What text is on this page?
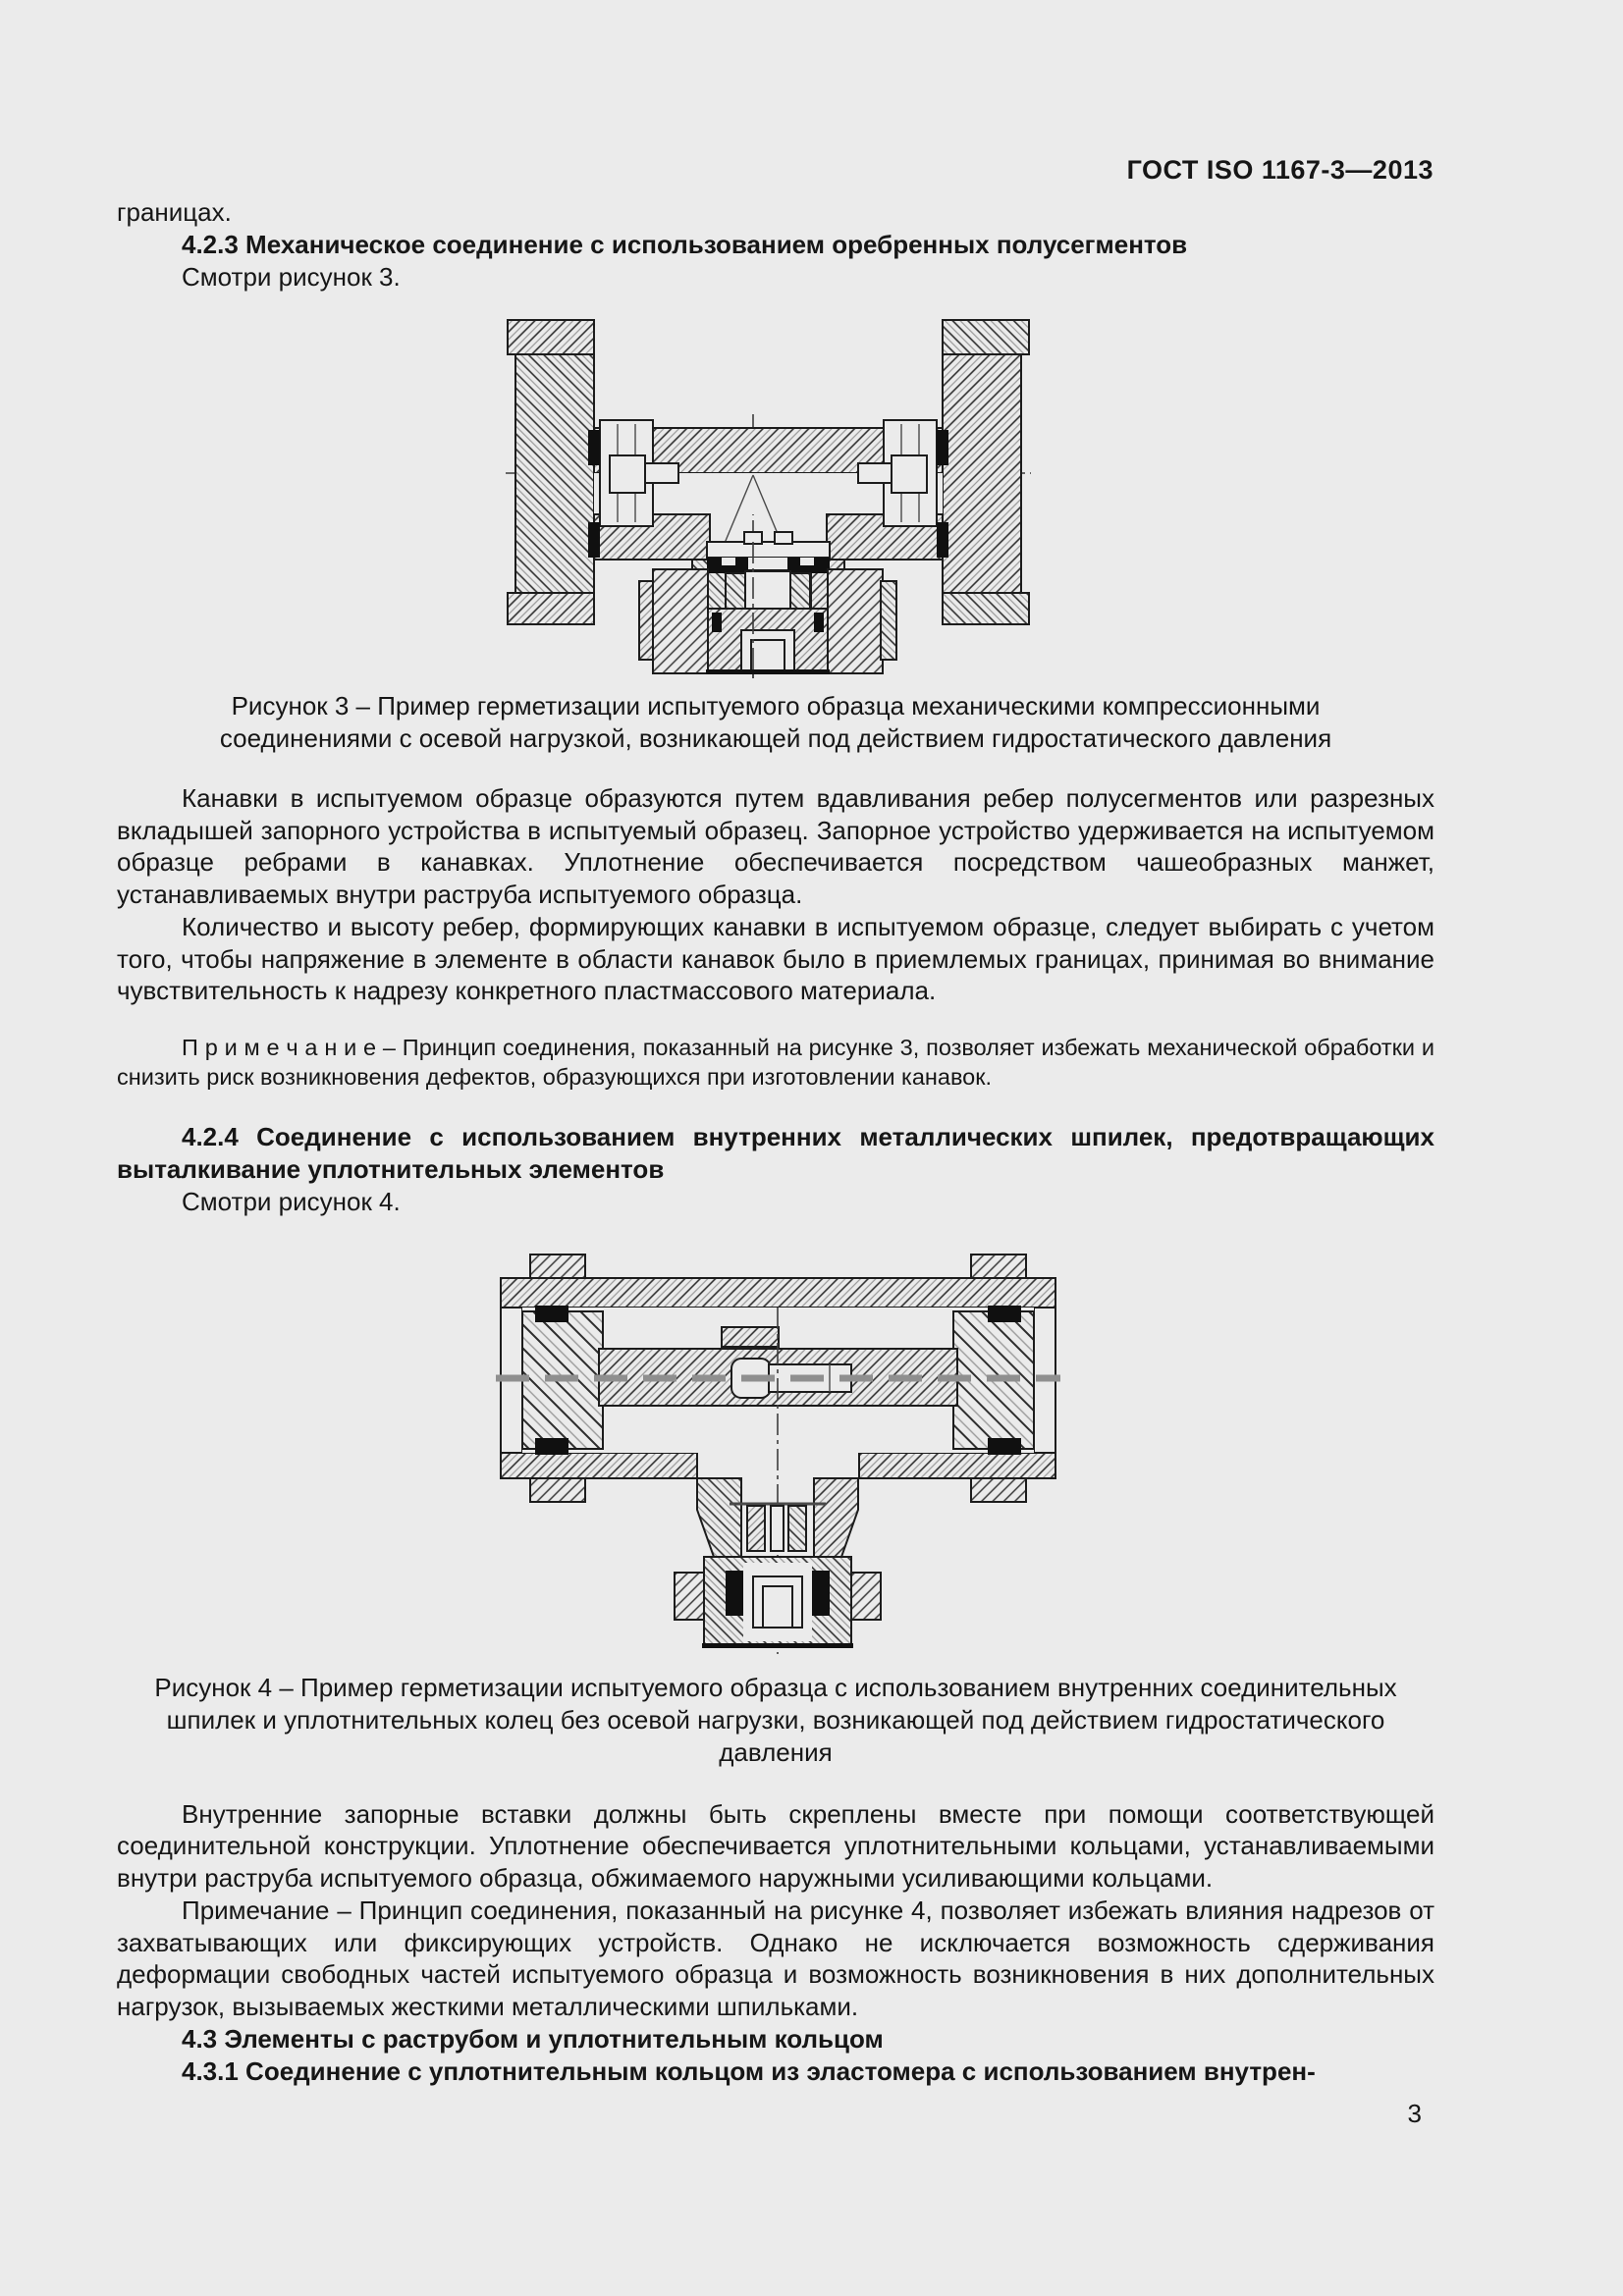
ГОСТ ISO 1167-3—2013
границах.
4.2.3 Механическое соединение с использованием оребренных полусегментов
Смотри рисунок 3.
Рисунок 3 – Пример герметизации испытуемого образца механическими компрессионными соединениями с осевой нагрузкой, возникающей под действием гидростатического давления
Канавки в испытуемом образце образуются путем вдавливания ребер полусегментов или разрезных вкладышей запорного устройства в испытуемый образец. Запорное устройство удерживается на испытуемом образце ребрами в канавках. Уплотнение обеспечивается посредством чашеобразных манжет, устанавливаемых внутри раструба испытуемого образца.
Количество и высоту ребер, формирующих канавки в испытуемом образце, следует выбирать с учетом того, чтобы напряжение в элементе в области канавок было в приемлемых границах, принимая во внимание чувствительность к надрезу конкретного пластмассового материала.
П р и м е ч а н и е – Принцип соединения, показанный на рисунке 3, позволяет избежать механической обработки и снизить риск возникновения дефектов, образующихся при изготовлении канавок.
4.2.4 Соединение с использованием внутренних металлических шпилек, предотвращающих выталкивание уплотнительных элементов
Смотри рисунок 4.
Рисунок 4 – Пример герметизации испытуемого образца с использованием внутренних соединительных шпилек и уплотнительных колец без осевой нагрузки, возникающей под действием гидростатического давления
Внутренние запорные вставки должны быть скреплены вместе при помощи соответствующей соединительной конструкции. Уплотнение обеспечивается уплотнительными кольцами, устанавливаемыми внутри раструба испытуемого образца, обжимаемого наружными усиливающими кольцами.
Примечание – Принцип соединения, показанный на рисунке 4, позволяет избежать влияния надрезов от захватывающих или фиксирующих устройств. Однако не исключается возможность сдерживания деформации свободных частей испытуемого образца и возможность возникновения в них дополнительных нагрузок, вызываемых жесткими металлическими шпильками.
4.3 Элементы с раструбом и уплотнительным кольцом
4.3.1 Соединение с уплотнительным кольцом из эластомера с использованием внутрен-
3
